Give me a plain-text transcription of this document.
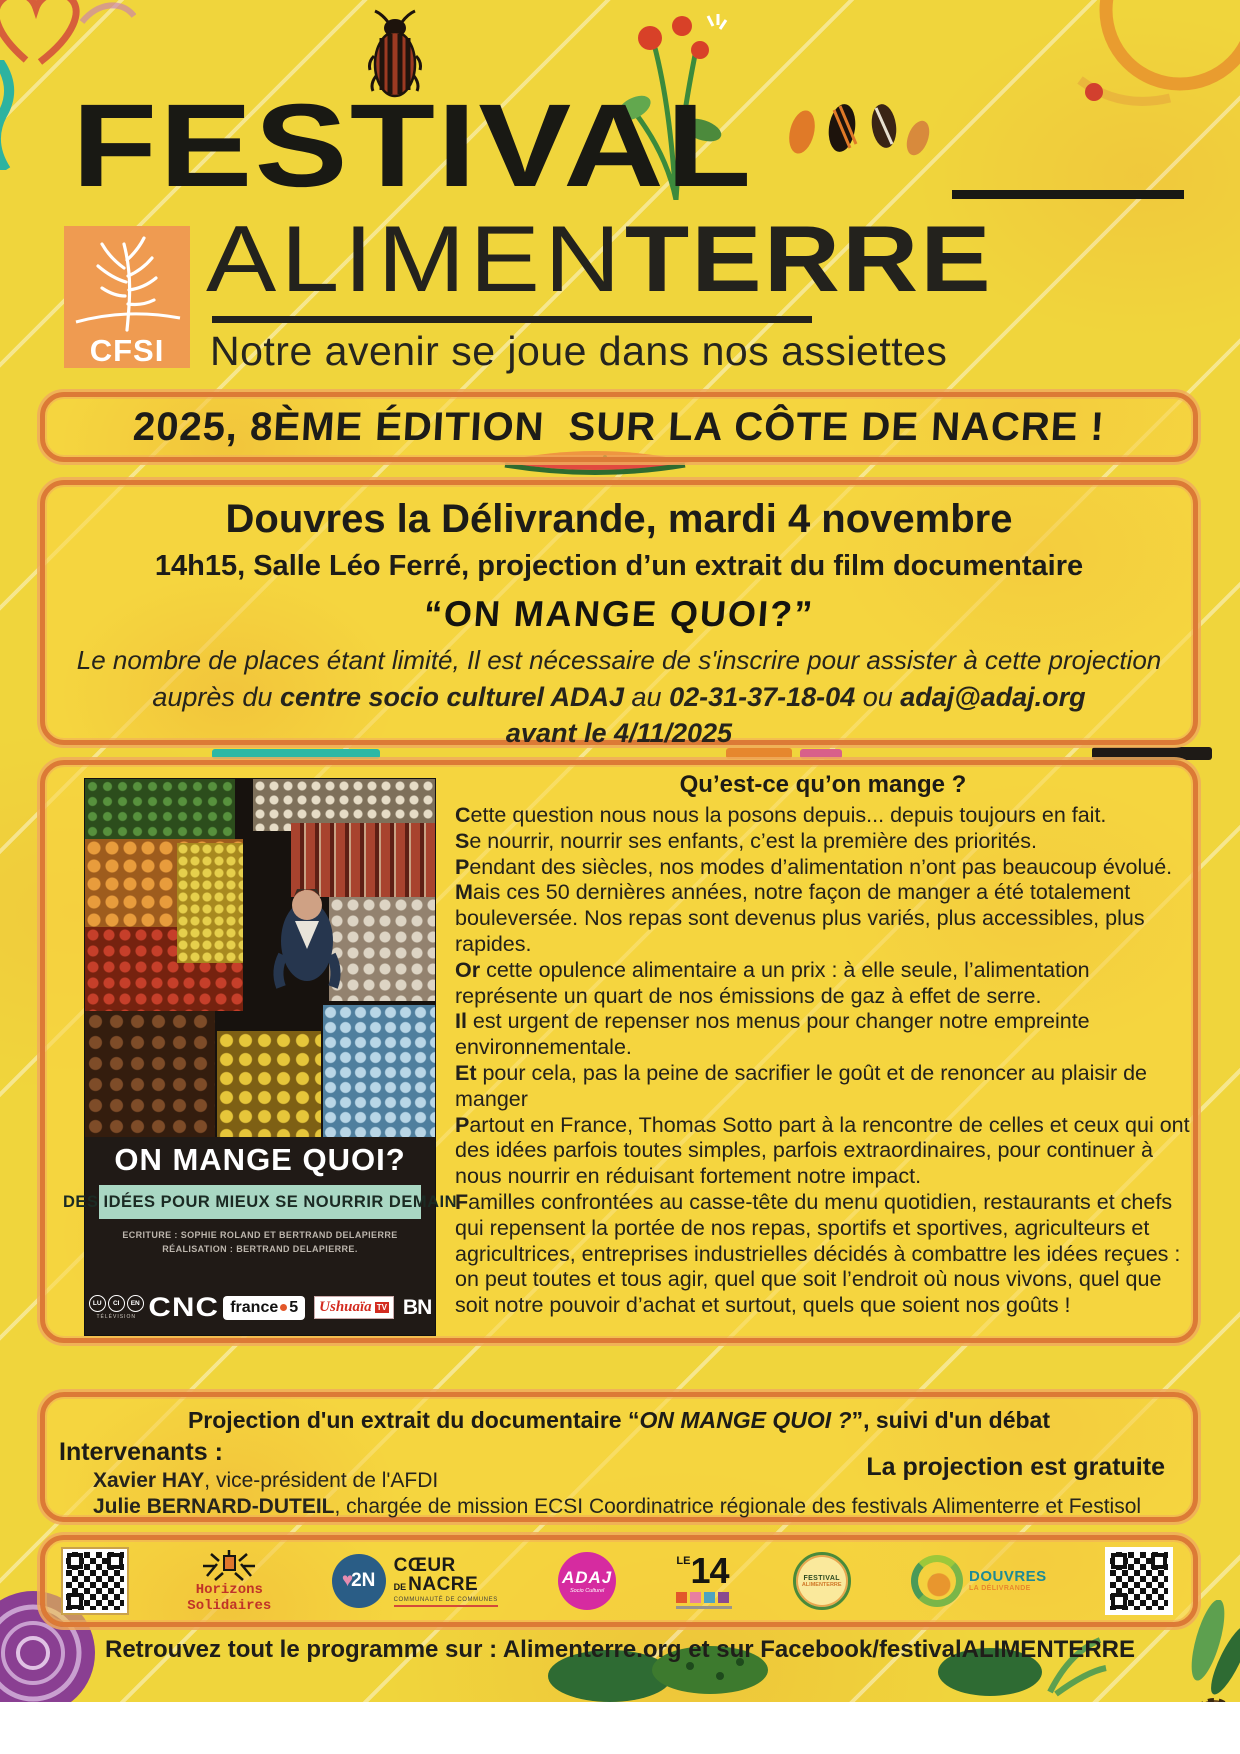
FESTIVAL
CFSI
ALIMENTERRE
Notre avenir se joue dans nos assiettes
2025, 8ÈME ÉDITION  SUR LA CÔTE DE NACRE !
Douvres la Délivrande, mardi 4 novembre
14h15, Salle Léo Ferré, projection d’un extrait du film documentaire
“ON MANGE QUOI?”
Le nombre de places étant limité, Il est nécessaire de s'inscrire pour assister à cette projection
auprès du centre socio culturel ADAJ au 02-31-37-18-04 ou adaj@adaj.org
avant le 4/11/2025
ON MANGE QUOI?
DES IDÉES POUR MIEUX SE NOURRIR DEMAIN
ECRITURE : SOPHIE ROLAND ET BERTRAND DELAPIERRE
RÉALISATION : BERTRAND DELAPIERRE.
LU	CI	EN
TÉLÉVISION CNC france 5 Ushuaïa TV BN
Qu’est-ce qu’on mange ?

Cette question nous nous la posons depuis... depuis toujours en fait.

Se nourrir, nourrir ses enfants, c’est la première des priorités.

Pendant des siècles, nos modes d’alimentation n’ont pas beaucoup évolué.

Mais ces 50 dernières années, notre façon de manger a été totalement bouleversée. Nos repas sont devenus plus variés, plus accessibles, plus rapides.

Or cette opulence alimentaire a un prix : à elle seule, l’alimentation représente un quart de nos émissions de gaz à effet de serre.

Il est urgent de repenser nos menus pour changer notre empreinte environnementale.

Et pour cela, pas la peine de sacrifier le goût et de renoncer au plaisir de manger

Partout en France, Thomas Sotto part à la rencontre de celles et ceux qui ont des idées parfois toutes simples, parfois extraordinaires, pour continuer à nous nourrir en réduisant fortement notre impact.

Familles confrontées au casse-tête du menu quotidien, restaurants et chefs qui repensent la portée de nos repas, sportifs et sportives, agriculteurs et agricultrices, entreprises industrielles décidés à combattre les idées reçues : on peut toutes et tous agir, quel que soit l’endroit où nous vivons, quel que soit notre pouvoir d’achat et surtout, quels que soient nos goûts !

Projection d'un extrait du documentaire “ON MANGE QUOI ?”, suivi d'un débat
Intervenants :
La projection est gratuite
Xavier HAY, vice-président de l'AFDI
Julie BERNARD-DUTEIL, chargée de mission ECSI Coordinatrice régionale des festivals Alimenterre et Festisol
Horizons
Solidaires
♥
2N
CŒUR
DE NACRE
COMMUNAUTÉ DE COMMUNES
ADAJ
Socio Culturel
LE 14	FESTIVAL
ALIMENTERRE	DOUVRES
LA DÉLIVRANDE
Retrouvez tout le programme sur : Alimenterre.org et sur Facebook/festivalALIMENTERRE
